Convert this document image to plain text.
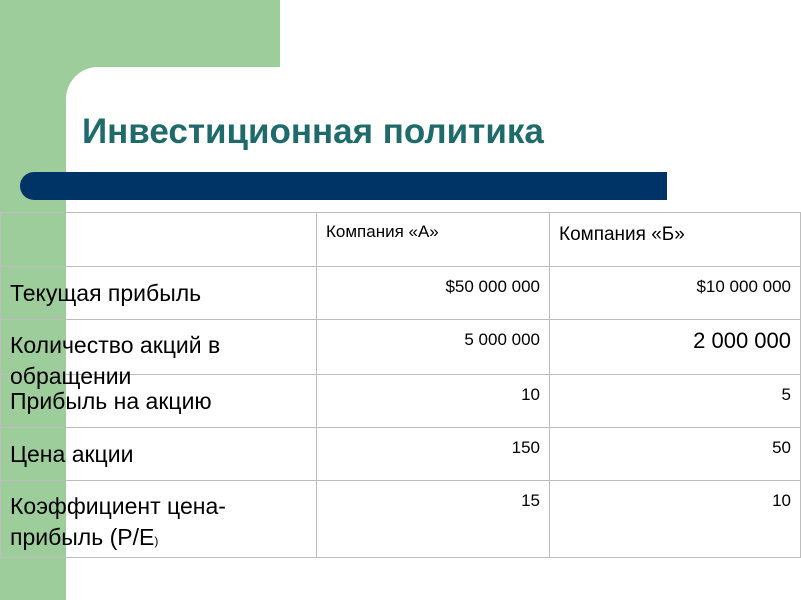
Инвестиционная политика
	Компания «А»	Компания «Б»
Текущая прибыль	$50 000 000	$10 000 000

Количество акций в обращении	5 000 000	2 000 000
Прибыль на акцию	10	5
Цена акции	150	50
Коэффициент цена-прибыль (P/E)	15	10
